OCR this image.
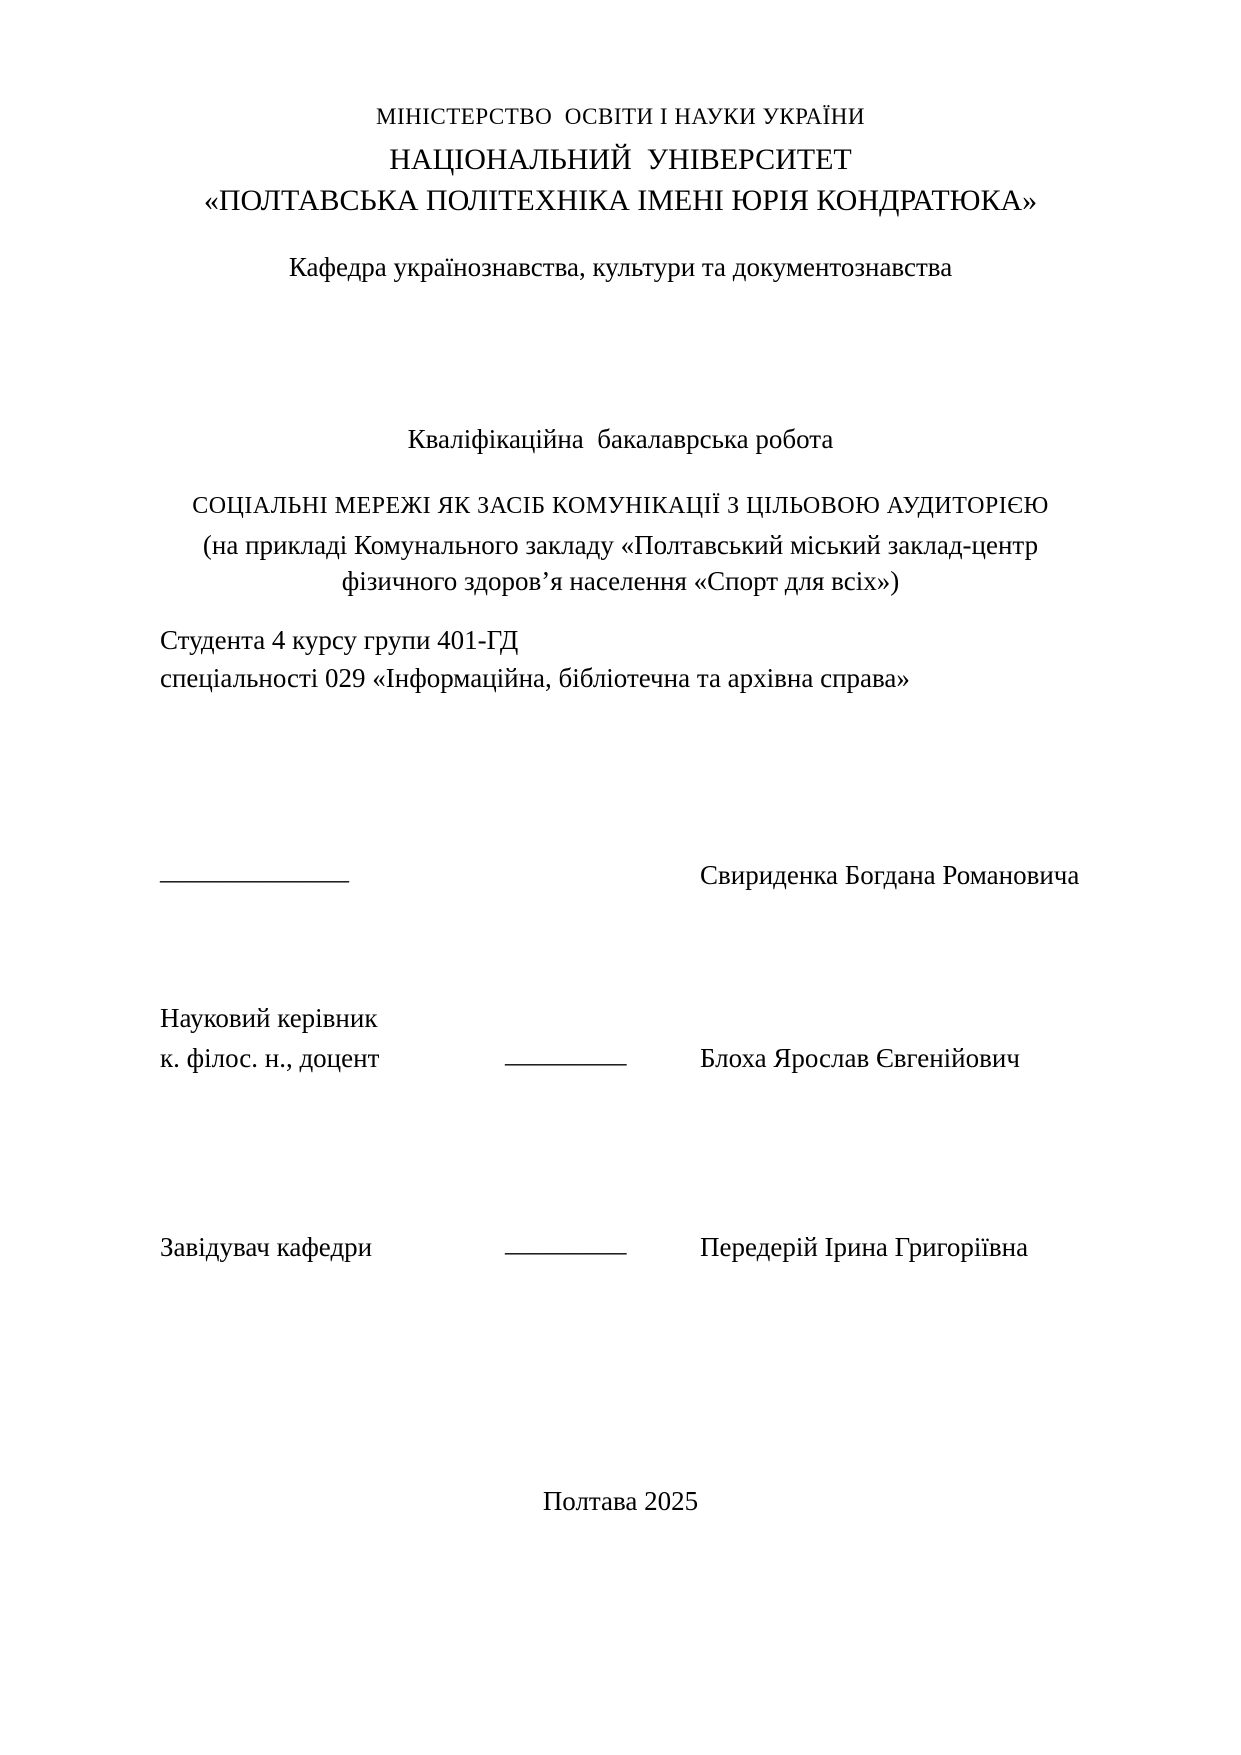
МІНІСТЕРСТВО  ОСВІТИ І НАУКИ УКРАЇНИ
НАЦІОНАЛЬНИЙ  УНІВЕРСИТЕТ
«ПОЛТАВСЬКА ПОЛІТЕХНІКА ІМЕНІ ЮРІЯ КОНДРАТЮКА»
Кафедра українознавства, культури та документознавства
Кваліфікаційна  бакалаврська робота
СОЦІАЛЬНІ МЕРЕЖІ ЯК ЗАСІБ КОМУНІКАЦІЇ З ЦІЛЬОВОЮ АУДИТОРІЄЮ
(на прикладі Комунального закладу «Полтавський міський заклад-центр
фізичного здоров’я населення «Спорт для всіх»)
Студента 4 курсу групи 401-ГД
спеціальності 029 «Інформаційна, бібліотечна та архівна справа»
______________	Свириденка Богдана Романовича
Науковий керівник
к. філос. н., доцент	_________	Блоха Ярослав Євгенійович
Завідувач кафедри	_________	Передерій Ірина Григоріївна
Полтава 2025
